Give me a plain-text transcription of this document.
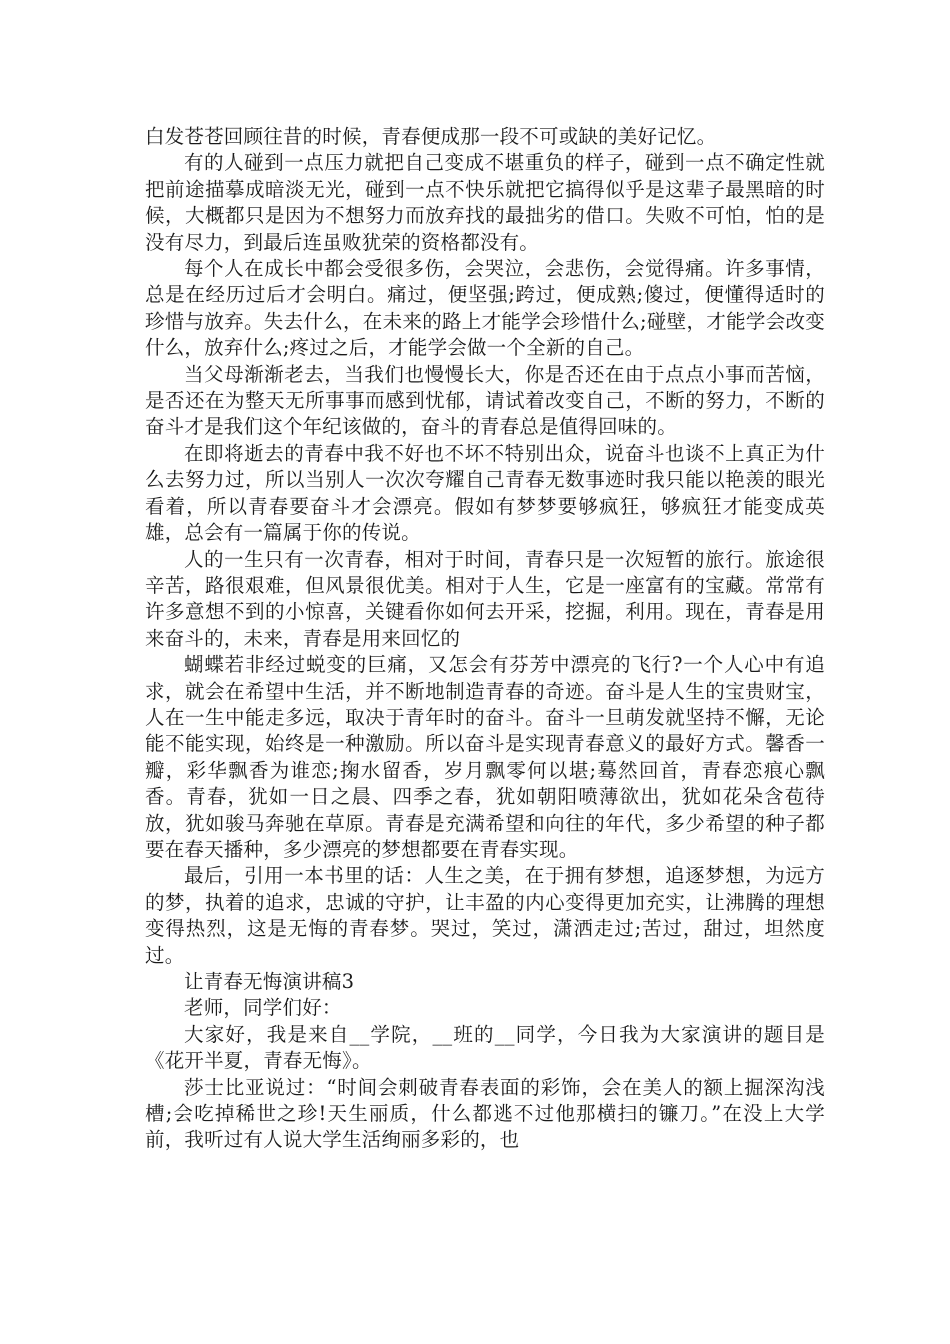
白发苍苍回顾往昔的时候，青春便成那一段不可或缺的美好记忆。

有的人碰到一点压力就把自己变成不堪重负的样子，碰到一点不确定性就把前途描摹成暗淡无光，碰到一点不快乐就把它搞得似乎是这辈子最黑暗的时候，大概都只是因为不想努力而放弃找的最拙劣的借口。失败不可怕，怕的是没有尽力，到最后连虽败犹荣的资格都没有。

每个人在成长中都会受很多伤，会哭泣，会悲伤，会觉得痛。许多事情，总是在经历过后才会明白。痛过，便坚强;跨过，便成熟;傻过，便懂得适时的珍惜与放弃。失去什么，在未来的路上才能学会珍惜什么;碰壁，才能学会改变什么，放弃什么;疼过之后，才能学会做一个全新的自己。

当父母渐渐老去，当我们也慢慢长大，你是否还在由于点点小事而苦恼，是否还在为整天无所事事而感到忧郁，请试着改变自己，不断的努力，不断的奋斗才是我们这个年纪该做的，奋斗的青春总是值得回味的。

在即将逝去的青春中我不好也不坏不特别出众，说奋斗也谈不上真正为什么去努力过，所以当别人一次次夸耀自己青春无数事迹时我只能以艳羡的眼光看着，所以青春要奋斗才会漂亮。假如有梦梦要够疯狂，够疯狂才能变成英雄，总会有一篇属于你的传说。

人的一生只有一次青春，相对于时间，青春只是一次短暂的旅行。旅途很辛苦，路很艰难，但风景很优美。相对于人生，它是一座富有的宝藏。常常有许多意想不到的小惊喜，关键看你如何去开采，挖掘，利用。现在，青春是用来奋斗的，未来，青春是用来回忆的

蝴蝶若非经过蜕变的巨痛，又怎会有芬芳中漂亮的飞行?一个人心中有追求，就会在希望中生活，并不断地制造青春的奇迹。奋斗是人生的宝贵财宝，人在一生中能走多远，取决于青年时的奋斗。奋斗一旦萌发就坚持不懈，无论能不能实现，始终是一种激励。所以奋斗是实现青春意义的最好方式。馨香一瓣，彩华飘香为谁恋;掬水留香，岁月飘零何以堪;蓦然回首，青春恋痕心飘香。青春，犹如一日之晨、四季之春，犹如朝阳喷薄欲出，犹如花朵含苞待放，犹如骏马奔驰在草原。青春是充满希望和向往的年代，多少希望的种子都要在春天播种，多少漂亮的梦想都要在青春实现。

最后，引用一本书里的话：人生之美，在于拥有梦想，追逐梦想，为远方的梦，执着的追求，忠诚的守护，让丰盈的内心变得更加充实，让沸腾的理想变得热烈，这是无悔的青春梦。哭过，笑过，潇洒走过;苦过，甜过，坦然度过。

让青春无悔演讲稿3

老师，同学们好：

大家好，我是来自__学院，__班的__同学，今日我为大家演讲的题目是《花开半夏，青春无悔》。

莎士比亚说过：“时间会刺破青春表面的彩饰，会在美人的额上掘深沟浅槽;会吃掉稀世之珍!天生丽质，什么都逃不过他那横扫的镰刀。”在没上大学前，我听过有人说大学生活绚丽多彩的，也
